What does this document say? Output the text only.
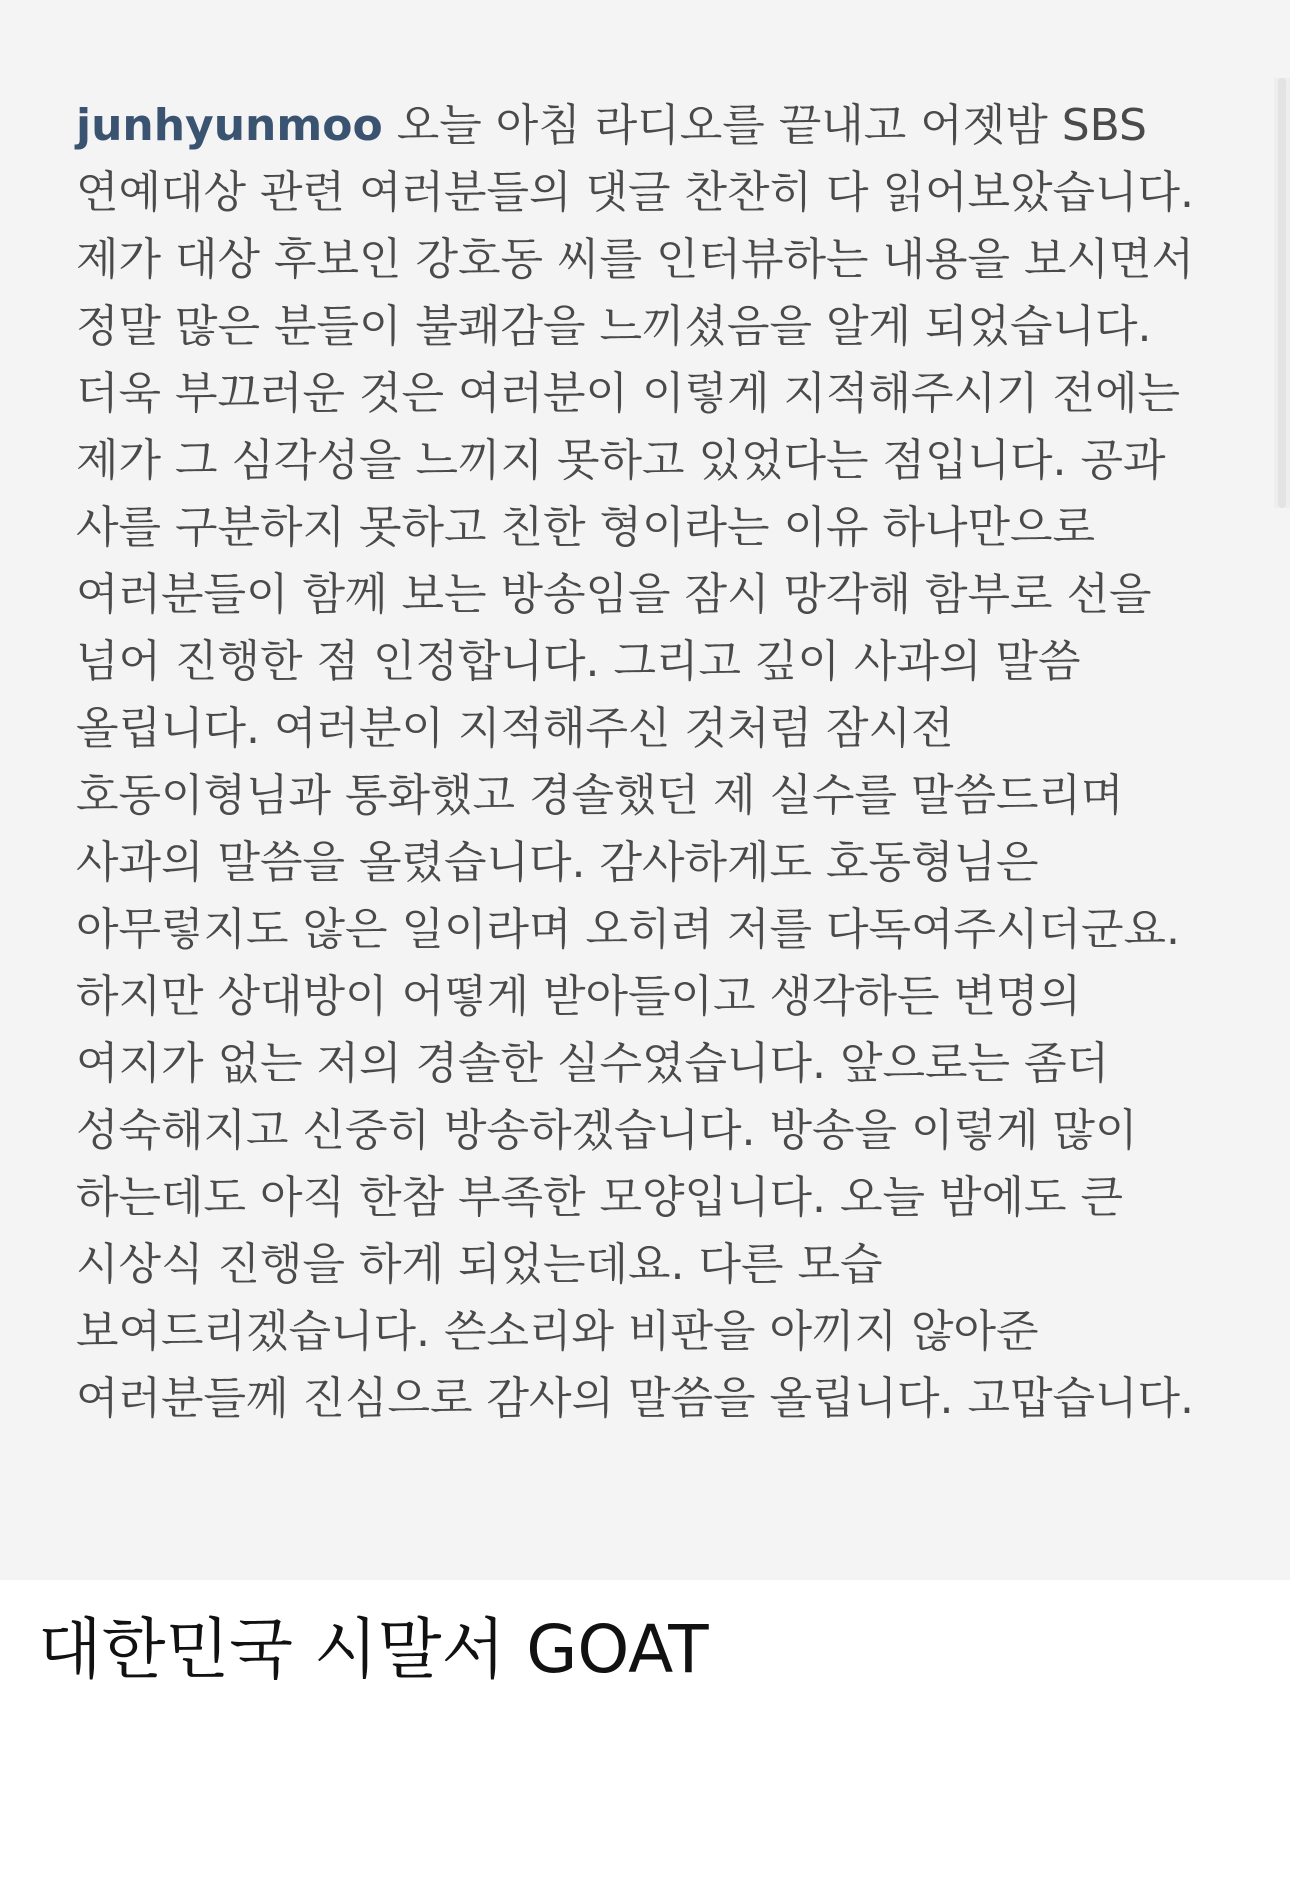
junhyunmoo 오늘 아침 라디오를 끝내고 어젯밤 SBS
연예대상 관련 여러분들의 댓글 찬찬히 다 읽어보았습니다.
제가 대상 후보인 강호동 씨를 인터뷰하는 내용을 보시면서
정말 많은 분들이 불쾌감을 느끼셨음을 알게 되었습니다.
더욱 부끄러운 것은 여러분이 이렇게 지적해주시기 전에는
제가 그 심각성을 느끼지 못하고 있었다는 점입니다. 공과
사를 구분하지 못하고 친한 형이라는 이유 하나만으로
여러분들이 함께 보는 방송임을 잠시 망각해 함부로 선을
넘어 진행한 점 인정합니다. 그리고 깊이 사과의 말씀
올립니다. 여러분이 지적해주신 것처럼 잠시전
호동이형님과 통화했고 경솔했던 제 실수를 말씀드리며
사과의 말씀을 올렸습니다. 감사하게도 호동형님은
아무렇지도 않은 일이라며 오히려 저를 다독여주시더군요.
하지만 상대방이 어떻게 받아들이고 생각하든 변명의
여지가 없는 저의 경솔한 실수였습니다. 앞으로는 좀더
성숙해지고 신중히 방송하겠습니다. 방송을 이렇게 많이
하는데도 아직 한참 부족한 모양입니다. 오늘 밤에도 큰
시상식 진행을 하게 되었는데요. 다른 모습
보여드리겠습니다. 쓴소리와 비판을 아끼지 않아준
여러분들께 진심으로 감사의 말씀을 올립니다. 고맙습니다.
대한민국 시말서 GOAT
